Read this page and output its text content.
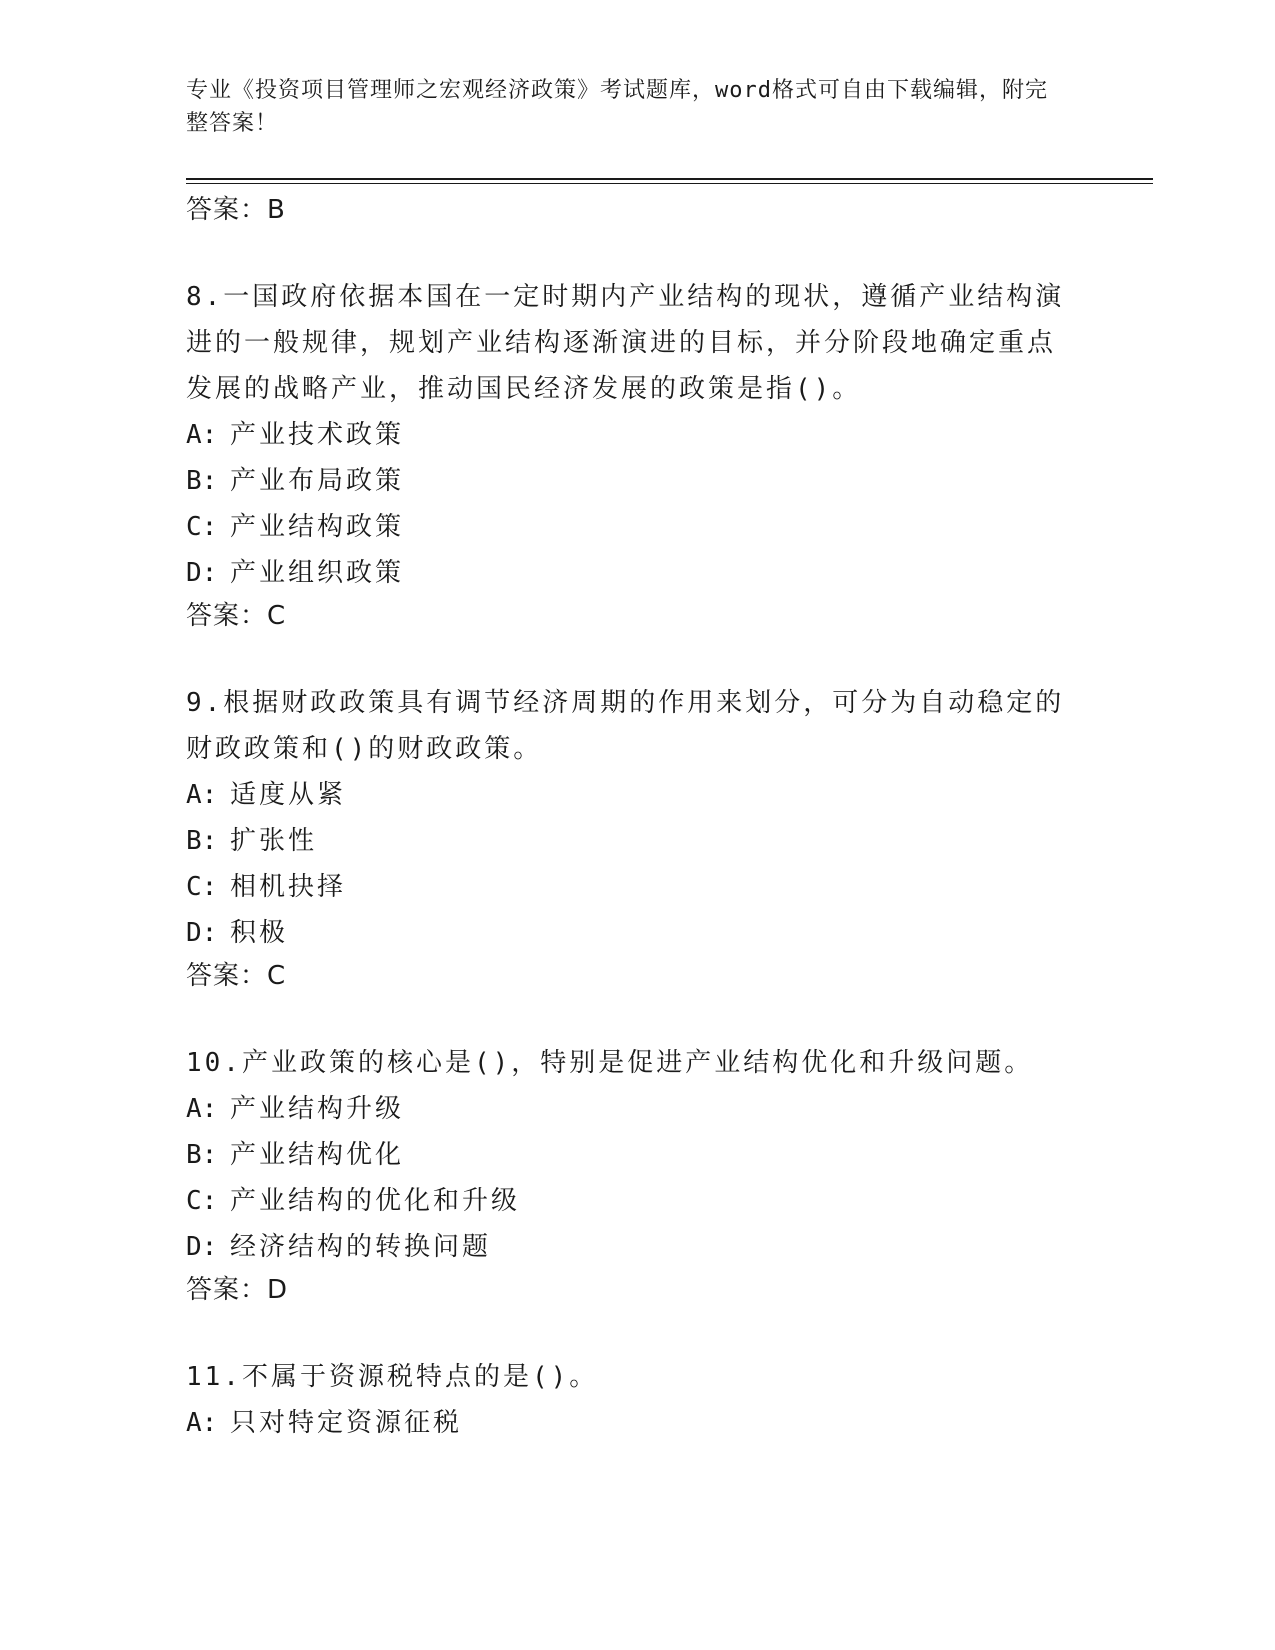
专业《投资项目管理师之宏观经济政策》考试题库，word格式可自由下载编辑，附完整答案！
答案：B
8.一国政府依据本国在一定时期内产业结构的现状，遵循产业结构演进的一般规律，规划产业结构逐渐演进的目标，并分阶段地确定重点发展的战略产业，推动国民经济发展的政策是指()。
A: 产业技术政策
B: 产业布局政策
C: 产业结构政策
D: 产业组织政策
答案：C
9.根据财政政策具有调节经济周期的作用来划分，可分为自动稳定的财政政策和()的财政政策。
A: 适度从紧
B: 扩张性
C: 相机抉择
D: 积极
答案：C
10.产业政策的核心是()，特别是促进产业结构优化和升级问题。
A: 产业结构升级
B: 产业结构优化
C: 产业结构的优化和升级
D: 经济结构的转换问题
答案：D
11.不属于资源税特点的是()。
A: 只对特定资源征税
